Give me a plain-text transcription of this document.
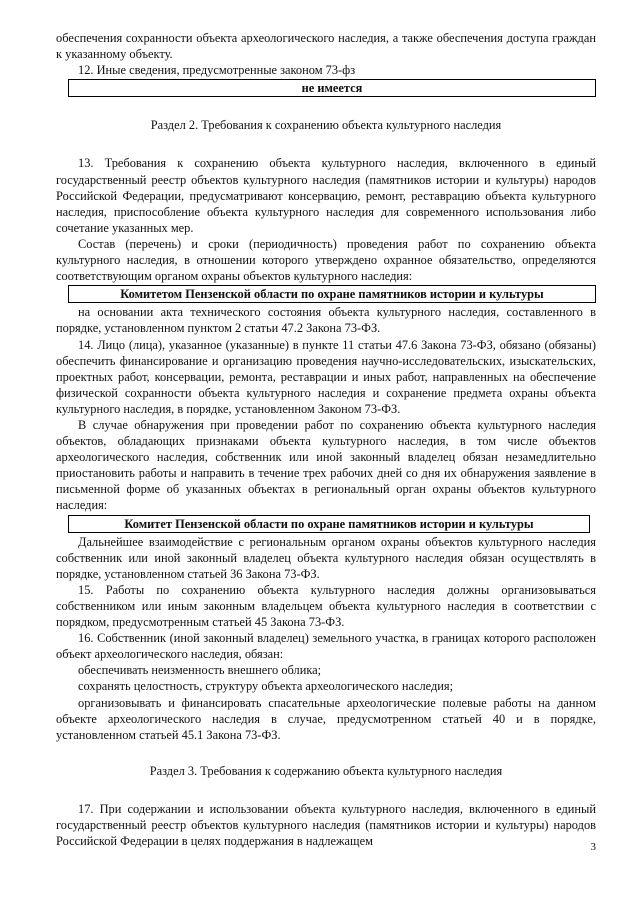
обеспечения сохранности объекта археологического наследия, а также обеспечения доступа граждан к указанному объекту.

12. Иные сведения, предусмотренные законом 73-фз

не имеется

Раздел 2. Требования к сохранению объекта культурного наследия

13. Требования к сохранению объекта культурного наследия, включенного в единый государственный реестр объектов культурного наследия (памятников истории и культуры) народов Российской Федерации, предусматривают консервацию, ремонт, реставрацию объекта культурного наследия, приспособление объекта культурного наследия для современного использования либо сочетание указанных мер.

Состав (перечень) и сроки (периодичность) проведения работ по сохранению объекта культурного наследия, в отношении которого утверждено охранное обязательство, определяются соответствующим органом охраны объектов культурного наследия:

Комитетом Пензенской области по охране памятников истории и культуры

на основании акта технического состояния объекта культурного наследия, составленного в порядке, установленном пунктом 2 статьи 47.2 Закона 73-ФЗ.

14. Лицо (лица), указанное (указанные) в пункте 11 статьи 47.6 Закона 73-ФЗ, обязано (обязаны) обеспечить финансирование и организацию проведения научно-исследовательских, изыскательских, проектных работ, консервации, ремонта, реставрации и иных работ, направленных на обеспечение физической сохранности объекта культурного наследия и сохранение предмета охраны объекта культурного наследия, в порядке, установленном Законом 73-ФЗ.

В случае обнаружения при проведении работ по сохранению объекта культурного наследия объектов, обладающих признаками объекта культурного наследия, в том числе объектов археологического наследия, собственник или иной законный владелец обязан незамедлительно приостановить работы и направить в течение трех рабочих дней со дня их обнаружения заявление в письменной форме об указанных объектах в региональный орган охраны объектов культурного наследия:

Комитет Пензенской области по охране памятников истории и культуры

Дальнейшее взаимодействие с региональным органом охраны объектов культурного наследия собственник или иной законный владелец объекта культурного наследия обязан осуществлять в порядке, установленном статьей 36 Закона 73-ФЗ.

15. Работы по сохранению объекта культурного наследия должны организовываться собственником или иным законным владельцем объекта культурного наследия в соответствии с порядком, предусмотренным статьей 45 Закона 73-ФЗ.

16. Собственник (иной законный владелец) земельного участка, в границах которого расположен объект археологического наследия, обязан:

обеспечивать неизменность внешнего облика;

сохранять целостность, структуру объекта археологического наследия;

организовывать и финансировать спасательные археологические полевые работы на данном объекте археологического наследия в случае, предусмотренном статьей 40 и в порядке, установленном статьей 45.1 Закона 73-ФЗ.

Раздел 3. Требования к содержанию объекта культурного наследия

17. При содержании и использовании объекта культурного наследия, включенного в единый государственный реестр объектов культурного наследия (памятников истории и культуры) народов Российской Федерации в целях поддержания в надлежащем	3
